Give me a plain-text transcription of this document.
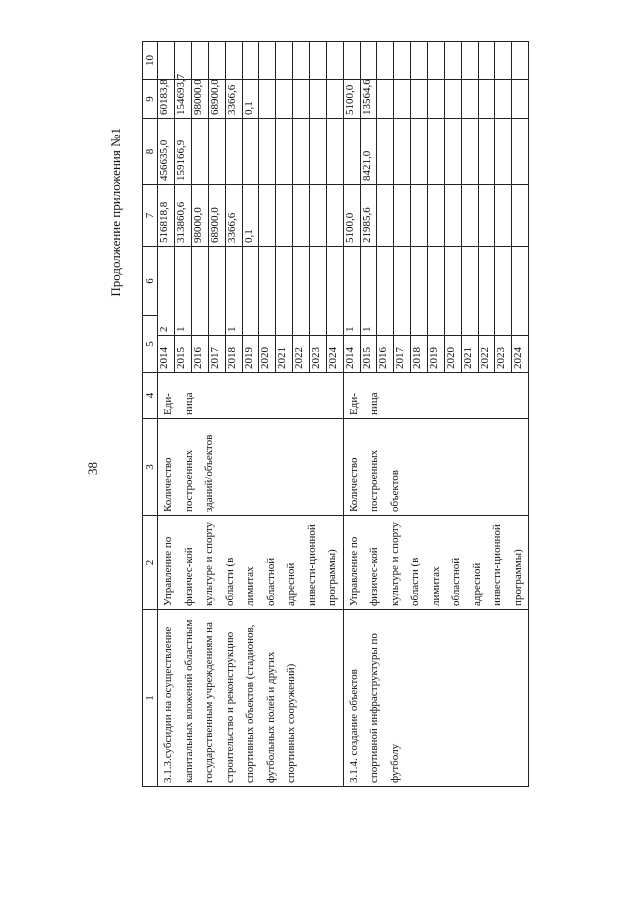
38
Продолжение приложения №1
1	2	3	4	5		6	7	8	9	10	
3.1.3.субсидии на осуществление капитальных вложений областным государственным учреждениям на строительство и реконструкцию спортивных объектов (стадионов, футбольных полей и других спортивных сооружений)	Управление по физичес-кой культуре и спорту области (в лимитах областной адресной инвести-ционной программы)	Количество построенных зданий/объектов	Еди-ница	2014	2		516818,8	456635,0	60183,8		
				2015	1		313860,6	159166,9	154693,7		
				2016			98000,0		98000,0		
				2017			68900,0		68900,0		
				2018	1		3366,6		3366,6		
				2019			0,1		0,1		
				2020							
				2021							
				2022							
				2023							
				2024							
3.1.4. создание объектов спортивной инфраструктуры по футболу	Управление по физичес-кой культуре и спорту области (в лимитах областной адресной инвести-ционной программы)	Количество построенных объектов	Еди-ница	2014	1		5100,0		5100,0		
				2015	1		21985,6	8421,0	13564,6		
				2016							
				2017							
				2018							
				2019							
				2020							
				2021							
				2022							
				2023							
				2024							
